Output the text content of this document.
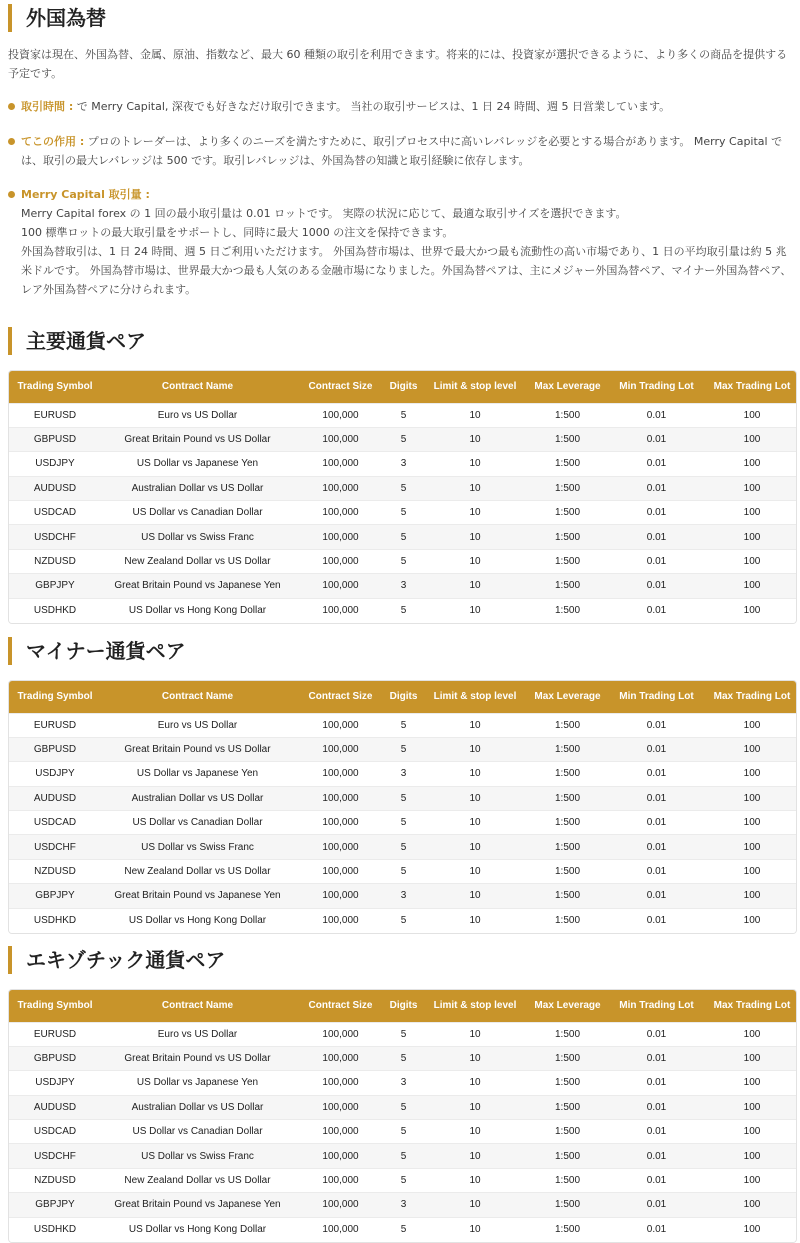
外国為替
投資家は現在、外国為替、金属、原油、指数など、最大 60 種類の取引を利用できます。将来的には、投資家が選択できるように、より多くの商品を提供する予定です。
取引時間 : で Merry Capital, 深夜でも好きなだけ取引できます。 当社の取引サービスは、1 日 24 時間、週 5 日営業しています。
てこの作用 : プロのトレーダーは、より多くのニーズを満たすために、取引プロセス中に高いレバレッジを必要とする場合があります。 Merry Capital では、取引の最大レバレッジは 500 です。取引レバレッジは、外国為替の知識と取引経験に依存します。
Merry Capital 取引量 :
Merry Capital forex の 1 回の最小取引量は 0.01 ロットです。 実際の状況に応じて、最適な取引サイズを選択できます。
100 標準ロットの最大取引量をサポートし、同時に最大 1000 の注文を保持できます。
外国為替取引は、1 日 24 時間、週 5 日ご利用いただけます。 外国為替市場は、世界で最大かつ最も流動性の高い市場であり、1 日の平均取引量は約 5 兆米ドルです。 外国為替市場は、世界最大かつ最も人気のある金融市場になりました。外国為替ペアは、主にメジャー外国為替ペア、マイナー外国為替ペア、レア外国為替ペアに分けられます。
主要通貨ペア
Trading Symbol	Contract Name	Contract Size	Digits	Limit & stop level	Max Leverage	Min Trading Lot	Max Trading Lot
EURUSD	Euro vs US Dollar	100,000	5	10	1:500	0.01	100
GBPUSD	Great Britain Pound vs US Dollar	100,000	5	10	1:500	0.01	100
USDJPY	US Dollar vs Japanese Yen	100,000	3	10	1:500	0.01	100
AUDUSD	Australian Dollar vs US Dollar	100,000	5	10	1:500	0.01	100
USDCAD	US Dollar vs Canadian Dollar	100,000	5	10	1:500	0.01	100
USDCHF	US Dollar vs Swiss Franc	100,000	5	10	1:500	0.01	100
NZDUSD	New Zealand Dollar vs US Dollar	100,000	5	10	1:500	0.01	100
GBPJPY	Great Britain Pound vs Japanese Yen	100,000	3	10	1:500	0.01	100
USDHKD	US Dollar vs Hong Kong Dollar	100,000	5	10	1:500	0.01	100
マイナー通貨ペア
Trading Symbol	Contract Name	Contract Size	Digits	Limit & stop level	Max Leverage	Min Trading Lot	Max Trading Lot
EURUSD	Euro vs US Dollar	100,000	5	10	1:500	0.01	100
GBPUSD	Great Britain Pound vs US Dollar	100,000	5	10	1:500	0.01	100
USDJPY	US Dollar vs Japanese Yen	100,000	3	10	1:500	0.01	100
AUDUSD	Australian Dollar vs US Dollar	100,000	5	10	1:500	0.01	100
USDCAD	US Dollar vs Canadian Dollar	100,000	5	10	1:500	0.01	100
USDCHF	US Dollar vs Swiss Franc	100,000	5	10	1:500	0.01	100
NZDUSD	New Zealand Dollar vs US Dollar	100,000	5	10	1:500	0.01	100
GBPJPY	Great Britain Pound vs Japanese Yen	100,000	3	10	1:500	0.01	100
USDHKD	US Dollar vs Hong Kong Dollar	100,000	5	10	1:500	0.01	100
エキゾチック通貨ペア
Trading Symbol	Contract Name	Contract Size	Digits	Limit & stop level	Max Leverage	Min Trading Lot	Max Trading Lot
EURUSD	Euro vs US Dollar	100,000	5	10	1:500	0.01	100
GBPUSD	Great Britain Pound vs US Dollar	100,000	5	10	1:500	0.01	100
USDJPY	US Dollar vs Japanese Yen	100,000	3	10	1:500	0.01	100
AUDUSD	Australian Dollar vs US Dollar	100,000	5	10	1:500	0.01	100
USDCAD	US Dollar vs Canadian Dollar	100,000	5	10	1:500	0.01	100
USDCHF	US Dollar vs Swiss Franc	100,000	5	10	1:500	0.01	100
NZDUSD	New Zealand Dollar vs US Dollar	100,000	5	10	1:500	0.01	100
GBPJPY	Great Britain Pound vs Japanese Yen	100,000	3	10	1:500	0.01	100
USDHKD	US Dollar vs Hong Kong Dollar	100,000	5	10	1:500	0.01	100
